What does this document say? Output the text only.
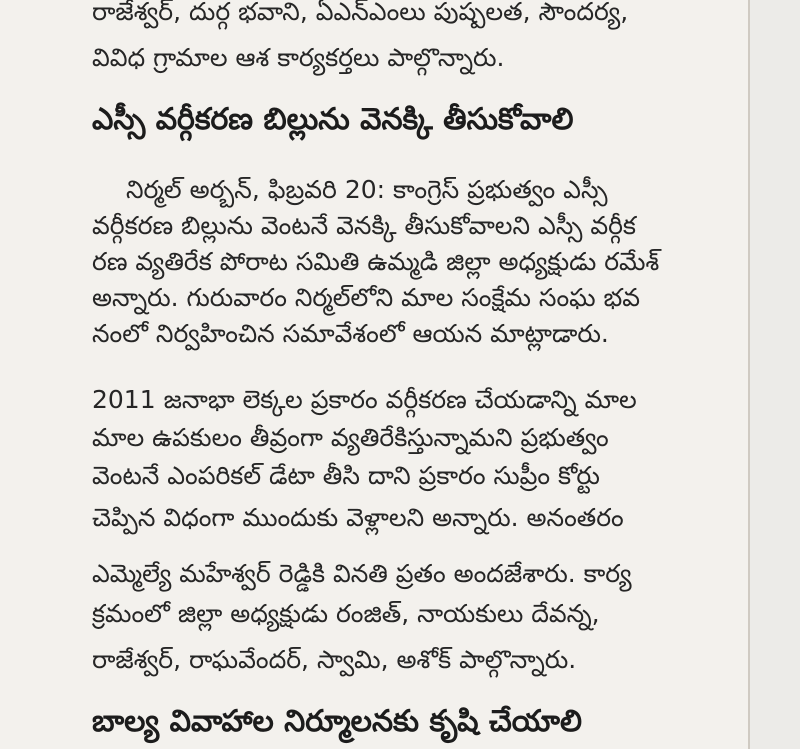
రాజేశ్వర్, దుర్గ భవాని, ఏఎన్ఎంలు పుష్పలత, సౌందర్య,
వివిధ గ్రామాల ఆశ కార్యకర్తలు పాల్గొన్నారు.
ఎస్సీ వర్గీకరణ బిల్లును వెనక్కి తీసుకోవాలి
నిర్మల్ అర్బన్, ఫిబ్రవరి 20: కాంగ్రెస్ ప్రభుత్వం ఎస్సీ
వర్గీకరణ బిల్లును వెంటనే వెనక్కి తీసుకోవాలని ఎస్సీ వర్గీక
రణ వ్యతిరేక పోరాట సమితి ఉమ్మడి జిల్లా అధ్యక్షుడు రమేశ్
అన్నారు. గురువారం నిర్మల్‌లోని మాల సంక్షేమ సంఘ భవ
నంలో నిర్వహించిన సమావేశంలో ఆయన మాట్లాడారు.
2011 జనాభా లెక్కల ప్రకారం వర్గీకరణ చేయడాన్ని మాల
మాల ఉపకులం తీవ్రంగా వ్యతిరేకిస్తున్నామని ప్రభుత్వం
వెంటనే ఎంపరికల్ డేటా తీసి దాని ప్రకారం సుప్రీం కోర్టు
చెప్పిన విధంగా ముందుకు వెళ్లాలని అన్నారు. అనంతరం
ఎమ్మెల్యే మహేశ్వర్ రెడ్డికి వినతి ప్రతం అందజేశారు. కార్య
క్రమంలో జిల్లా అధ్యక్షుడు రంజిత్, నాయకులు దేవన్న,
రాజేశ్వర్, రాఘవేందర్, స్వామి, అశోక్ పాల్గొన్నారు.
బాల్య వివాహాల నిర్మూలనకు కృషి చేయాలి
